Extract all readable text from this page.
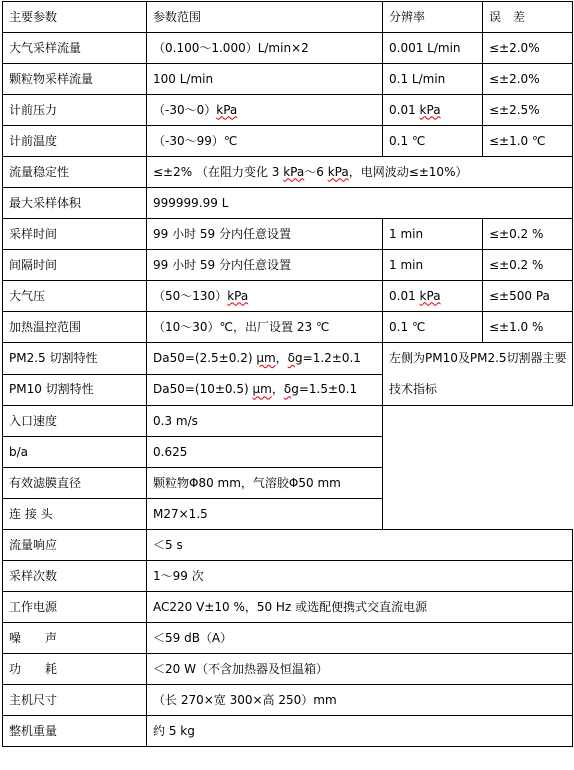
主要参数	参数范围	分辨率	误　差
大气采样流量	（0.100～1.000）L/min×2	0.001 L/min	≤±2.0%
颗粒物采样流量	100 L/min	0.1 L/min	≤±2.0%
计前压力	（-30～0）kPa	0.01 kPa	≤±2.5%
计前温度	（-30～99）℃	0.1 ℃	≤±1.0 ℃
流量稳定性	≤±2% （在阻力变化 3 kPa～6 kPa，电网波动≤±10%）		
最大采样体积	999999.99 L		
采样时间	99 小时 59 分内任意设置	1 min	≤±0.2 %
间隔时间	99 小时 59 分内任意设置	1 min	≤±0.2 %
大气压	（50～130）kPa	0.01 kPa	≤±500 Pa
加热温控范围	（10～30）℃，出厂设置 23 ℃	0.1 ℃	≤±1.0 %
PM2.5 切割特性	Da50=(2.5±0.2) μm，δg=1.2±0.1	左侧为PM10及PM2.5切割器主要技术指标	
PM10 切割特性	Da50=(10±0.5) μm，δg=1.5±0.1		
入口速度	0.3 m/s		
b/a	0.625		
有效滤膜直径	颗粒物Φ80 mm，气溶胶Φ50 mm		
连 接 头	M27×1.5		
流量响应	＜5 s		
采样次数	1～99 次		
工作电源	AC220 V±10 %，50 Hz 或选配便携式交直流电源		
噪　　声	＜59 dB（A）		
功　　耗	＜20 W（不含加热器及恒温箱）		
主机尺寸	（长 270×宽 300×高 250）mm		
整机重量	约 5 kg		
